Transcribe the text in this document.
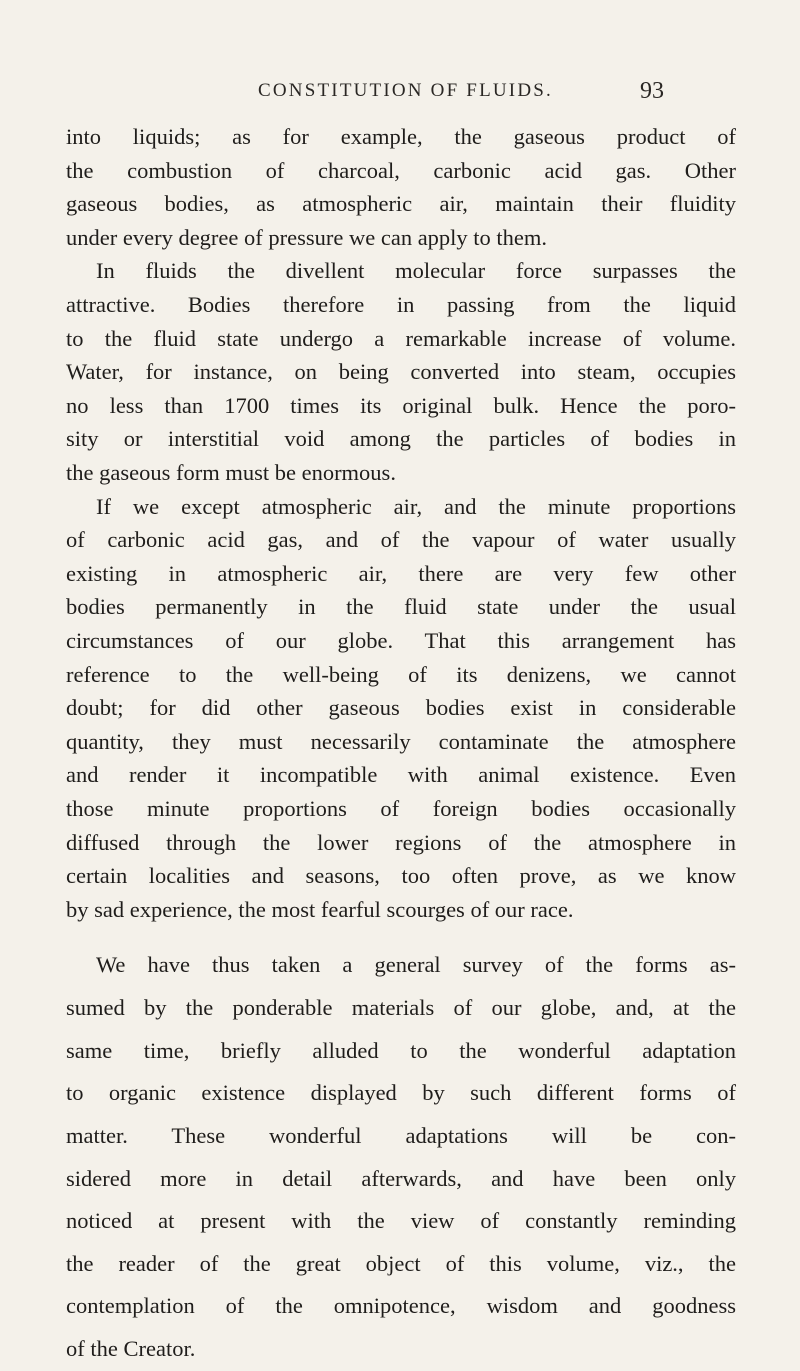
CONSTITUTION OF FLUIDS.	93
into liquids; as for example, the gaseous product of
the combustion of charcoal, carbonic acid gas. Other
gaseous bodies, as atmospheric air, maintain their fluidity
under every degree of pressure we can apply to them.
In fluids the divellent molecular force surpasses the
attractive. Bodies therefore in passing from the liquid
to the fluid state undergo a remarkable increase of volume.
Water, for instance, on being converted into steam, occupies
no less than 1700 times its original bulk. Hence the poro-
sity or interstitial void among the particles of bodies in
the gaseous form must be enormous.
If we except atmospheric air, and the minute proportions
of carbonic acid gas, and of the vapour of water usually
existing in atmospheric air, there are very few other
bodies permanently in the fluid state under the usual
circumstances of our globe. That this arrangement has
reference to the well-being of its denizens, we cannot
doubt; for did other gaseous bodies exist in considerable
quantity, they must necessarily contaminate the atmosphere
and render it incompatible with animal existence. Even
those minute proportions of foreign bodies occasionally
diffused through the lower regions of the atmosphere in
certain localities and seasons, too often prove, as we know
by sad experience, the most fearful scourges of our race.
We have thus taken a general survey of the forms as-
sumed by the ponderable materials of our globe, and, at the
same time, briefly alluded to the wonderful adaptation
to organic existence displayed by such different forms of
matter. These wonderful adaptations will be con-
sidered more in detail afterwards, and have been only
noticed at present with the view of constantly reminding
the reader of the great object of this volume, viz., the
contemplation of the omnipotence, wisdom and goodness
of the Creator.
